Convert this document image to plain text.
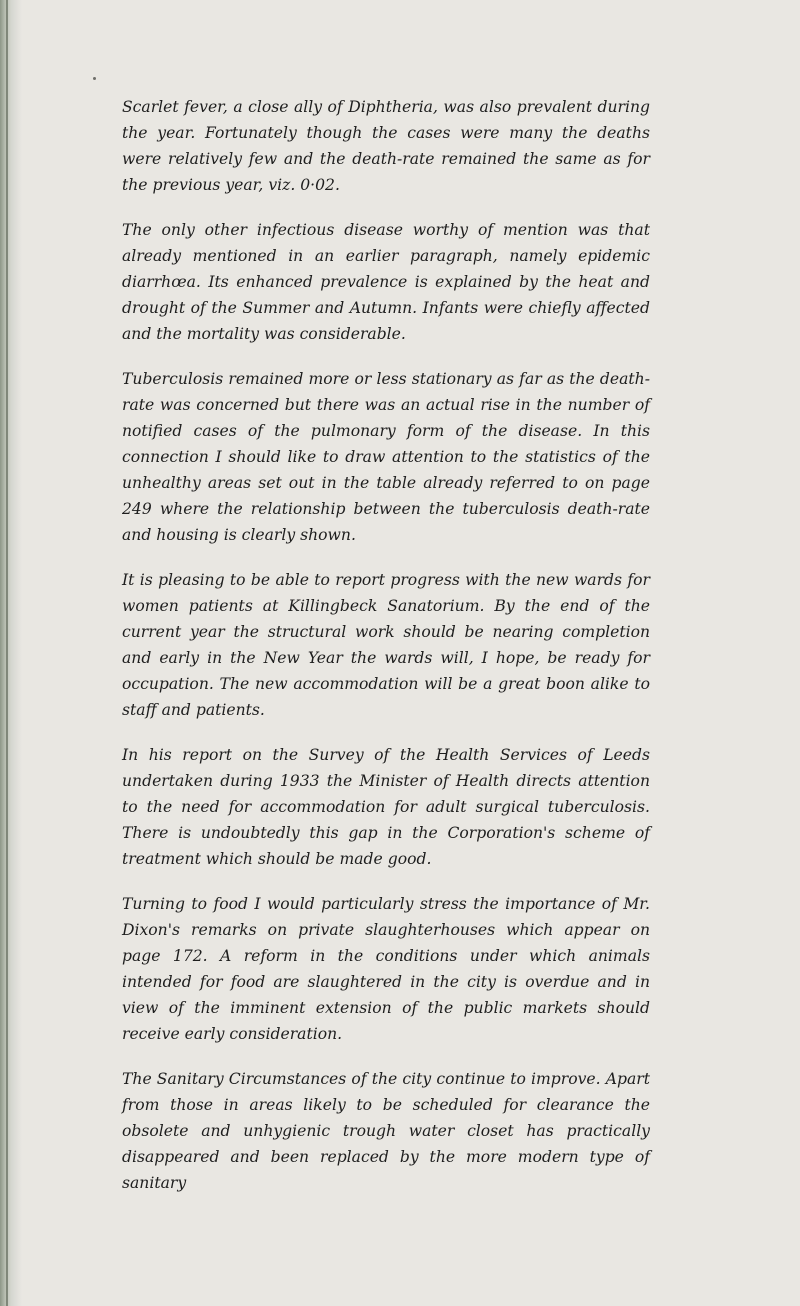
Scarlet fever, a close ally of Diphtheria, was also prevalent during the year. Fortunately though the cases were many the deaths were relatively few and the death-rate remained the same as for the previous year, viz. 0·02.

The only other infectious disease worthy of mention was that already mentioned in an earlier paragraph, namely epidemic diarrhœa. Its enhanced prevalence is explained by the heat and drought of the Summer and Autumn. Infants were chiefly affected and the mortality was considerable.

Tuberculosis remained more or less stationary as far as the death-rate was concerned but there was an actual rise in the number of notified cases of the pulmonary form of the disease. In this connection I should like to draw attention to the statistics of the unhealthy areas set out in the table already referred to on page 249 where the relationship between the tuberculosis death-rate and housing is clearly shown.

It is pleasing to be able to report progress with the new wards for women patients at Killingbeck Sanatorium. By the end of the current year the structural work should be nearing completion and early in the New Year the wards will, I hope, be ready for occupation. The new accommodation will be a great boon alike to staff and patients.

In his report on the Survey of the Health Services of Leeds undertaken during 1933 the Minister of Health directs attention to the need for accommodation for adult surgical tuberculosis. There is undoubtedly this gap in the Corporation's scheme of treatment which should be made good.

Turning to food I would particularly stress the importance of Mr. Dixon's remarks on private slaughterhouses which appear on page 172. A reform in the conditions under which animals intended for food are slaughtered in the city is overdue and in view of the imminent extension of the public markets should receive early consideration.

The Sanitary Circumstances of the city continue to improve. Apart from those in areas likely to be scheduled for clearance the obsolete and unhygienic trough water closet has practically disappeared and been replaced by the more modern type of sanitary
